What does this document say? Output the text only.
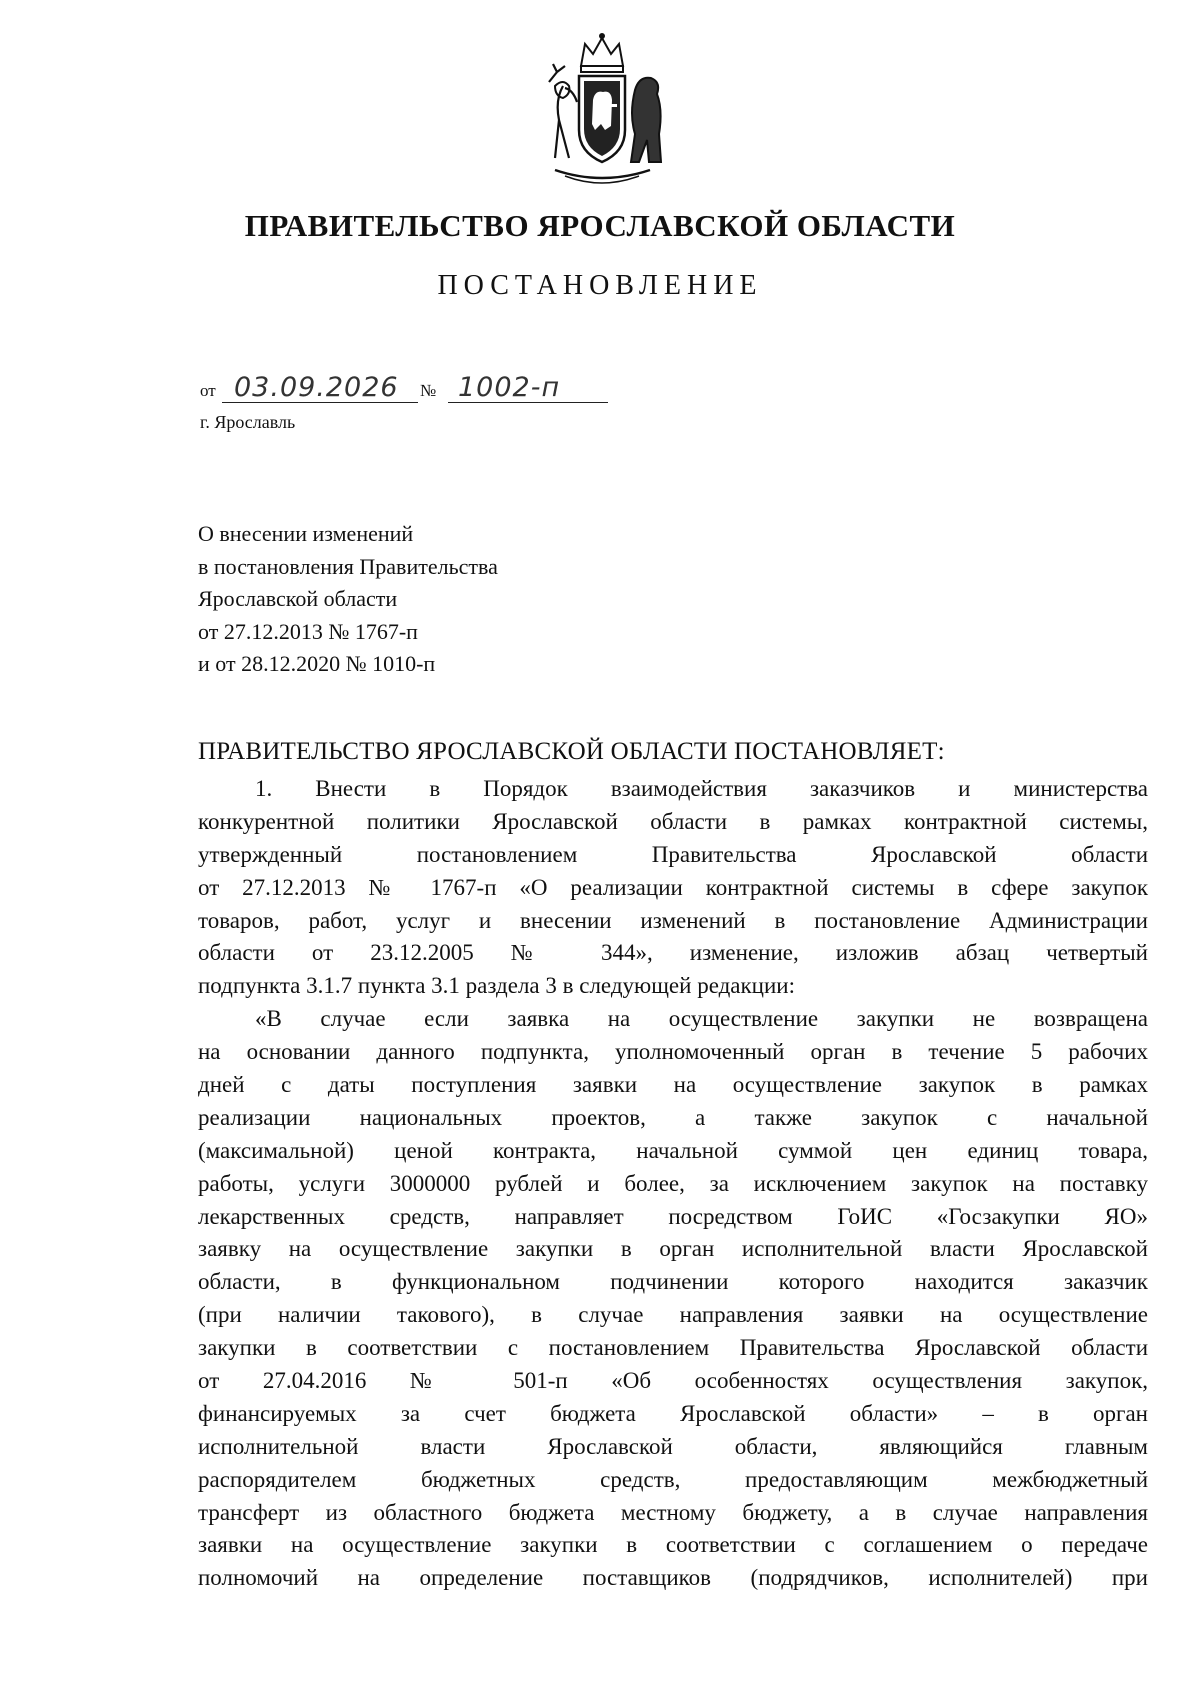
ПРАВИТЕЛЬСТВО ЯРОСЛАВСКОЙ ОБЛАСТИ
ПОСТАНОВЛЕНИЕ
от 03.09.2026 № 1002-п
г. Ярославль
О внесении изменений
в постановления Правительства
Ярославской области
от 27.12.2013 № 1767-п
и от 28.12.2020 № 1010-п
ПРАВИТЕЛЬСТВО ЯРОСЛАВСКОЙ ОБЛАСТИ ПОСТАНОВЛЯЕТ:
1. Внести в Порядок взаимодействия заказчиков и министерства
конкурентной политики Ярославской области в рамках контрактной системы,
утвержденный постановлением Правительства Ярославской области
от 27.12.2013 № 1767-п «О реализации контрактной системы в сфере закупок
товаров, работ, услуг и внесении изменений в постановление Администрации
области от 23.12.2005 № 344», изменение, изложив абзац четвертый
подпункта 3.1.7 пункта 3.1 раздела 3 в следующей редакции:
«В случае если заявка на осуществление закупки не возвращена
на основании данного подпункта, уполномоченный орган в течение 5 рабочих
дней с даты поступления заявки на осуществление закупок в рамках
реализации национальных проектов, а также закупок с начальной
(максимальной) ценой контракта, начальной суммой цен единиц товара,
работы, услуги 3000000 рублей и более, за исключением закупок на поставку
лекарственных средств, направляет посредством ГоИС «Госзакупки ЯО»
заявку на осуществление закупки в орган исполнительной власти Ярославской
области, в функциональном подчинении которого находится заказчик
(при наличии такового), в случае направления заявки на осуществление
закупки в соответствии с постановлением Правительства Ярославской области
от 27.04.2016 № 501-п «Об особенностях осуществления закупок,
финансируемых за счет бюджета Ярославской области» – в орган
исполнительной власти Ярославской области, являющийся главным
распорядителем бюджетных средств, предоставляющим межбюджетный
трансферт из областного бюджета местному бюджету, а в случае направления
заявки на осуществление закупки в соответствии с соглашением о передаче
полномочий на определение поставщиков (подрядчиков, исполнителей) при
